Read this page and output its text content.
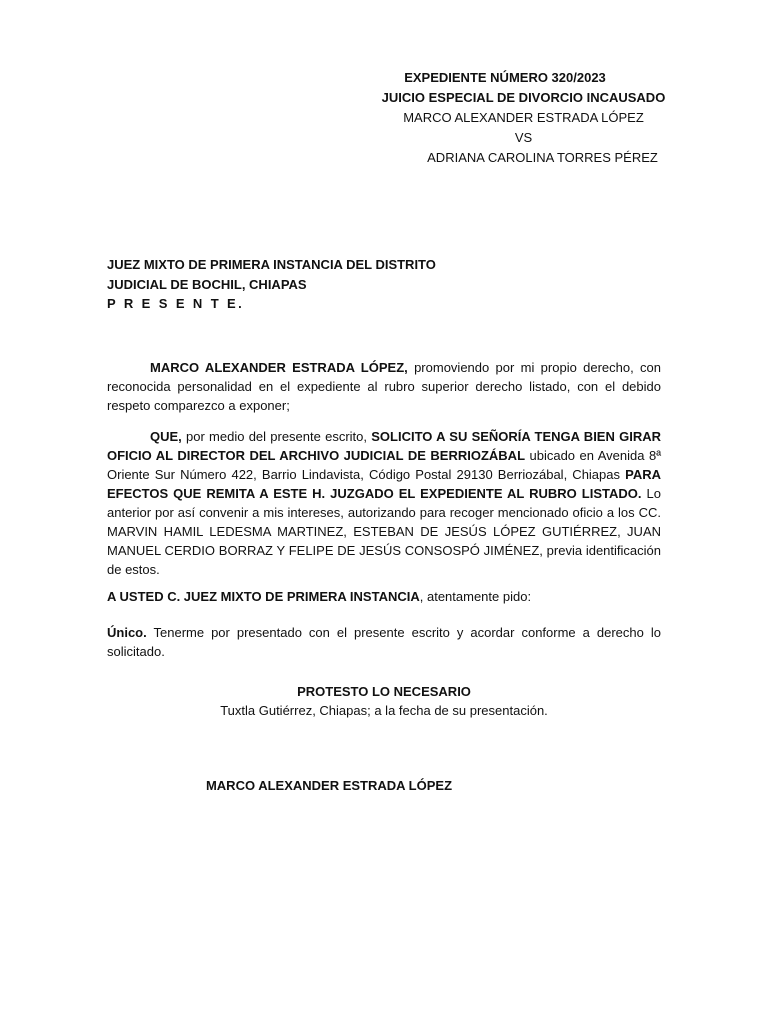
EXPEDIENTE NÚMERO 320/2023
JUICIO ESPECIAL DE DIVORCIO INCAUSADO
MARCO ALEXANDER ESTRADA LÓPEZ
VS
ADRIANA CAROLINA TORRES PÉREZ
JUEZ MIXTO DE PRIMERA INSTANCIA DEL DISTRITO
JUDICIAL DE BOCHIL, CHIAPAS
P R E S E N T E.
MARCO ALEXANDER ESTRADA LÓPEZ, promoviendo por mi propio derecho, con reconocida personalidad en el expediente al rubro superior derecho listado, con el debido respeto comparezco a exponer;
QUE, por medio del presente escrito, SOLICITO A SU SEÑORÍA TENGA BIEN GIRAR OFICIO AL DIRECTOR DEL ARCHIVO JUDICIAL DE BERRIOZÁBAL ubicado en Avenida 8ª Oriente Sur Número 422, Barrio Lindavista, Código Postal 29130 Berriozábal, Chiapas PARA EFECTOS QUE REMITA A ESTE H. JUZGADO EL EXPEDIENTE AL RUBRO LISTADO. Lo anterior por así convenir a mis intereses, autorizando para recoger mencionado oficio a los CC. MARVIN HAMIL LEDESMA MARTINEZ, ESTEBAN DE JESÚS LÓPEZ GUTIÉRREZ, JUAN MANUEL CERDIO BORRAZ Y FELIPE DE JESÚS CONSOSPÓ JIMÉNEZ, previa identificación de estos.
A USTED C. JUEZ MIXTO DE PRIMERA INSTANCIA, atentamente pido:
Único. Tenerme por presentado con el presente escrito y acordar conforme a derecho lo solicitado.
PROTESTO LO NECESARIO
Tuxtla Gutiérrez, Chiapas; a la fecha de su presentación.
MARCO ALEXANDER ESTRADA LÓPEZ
